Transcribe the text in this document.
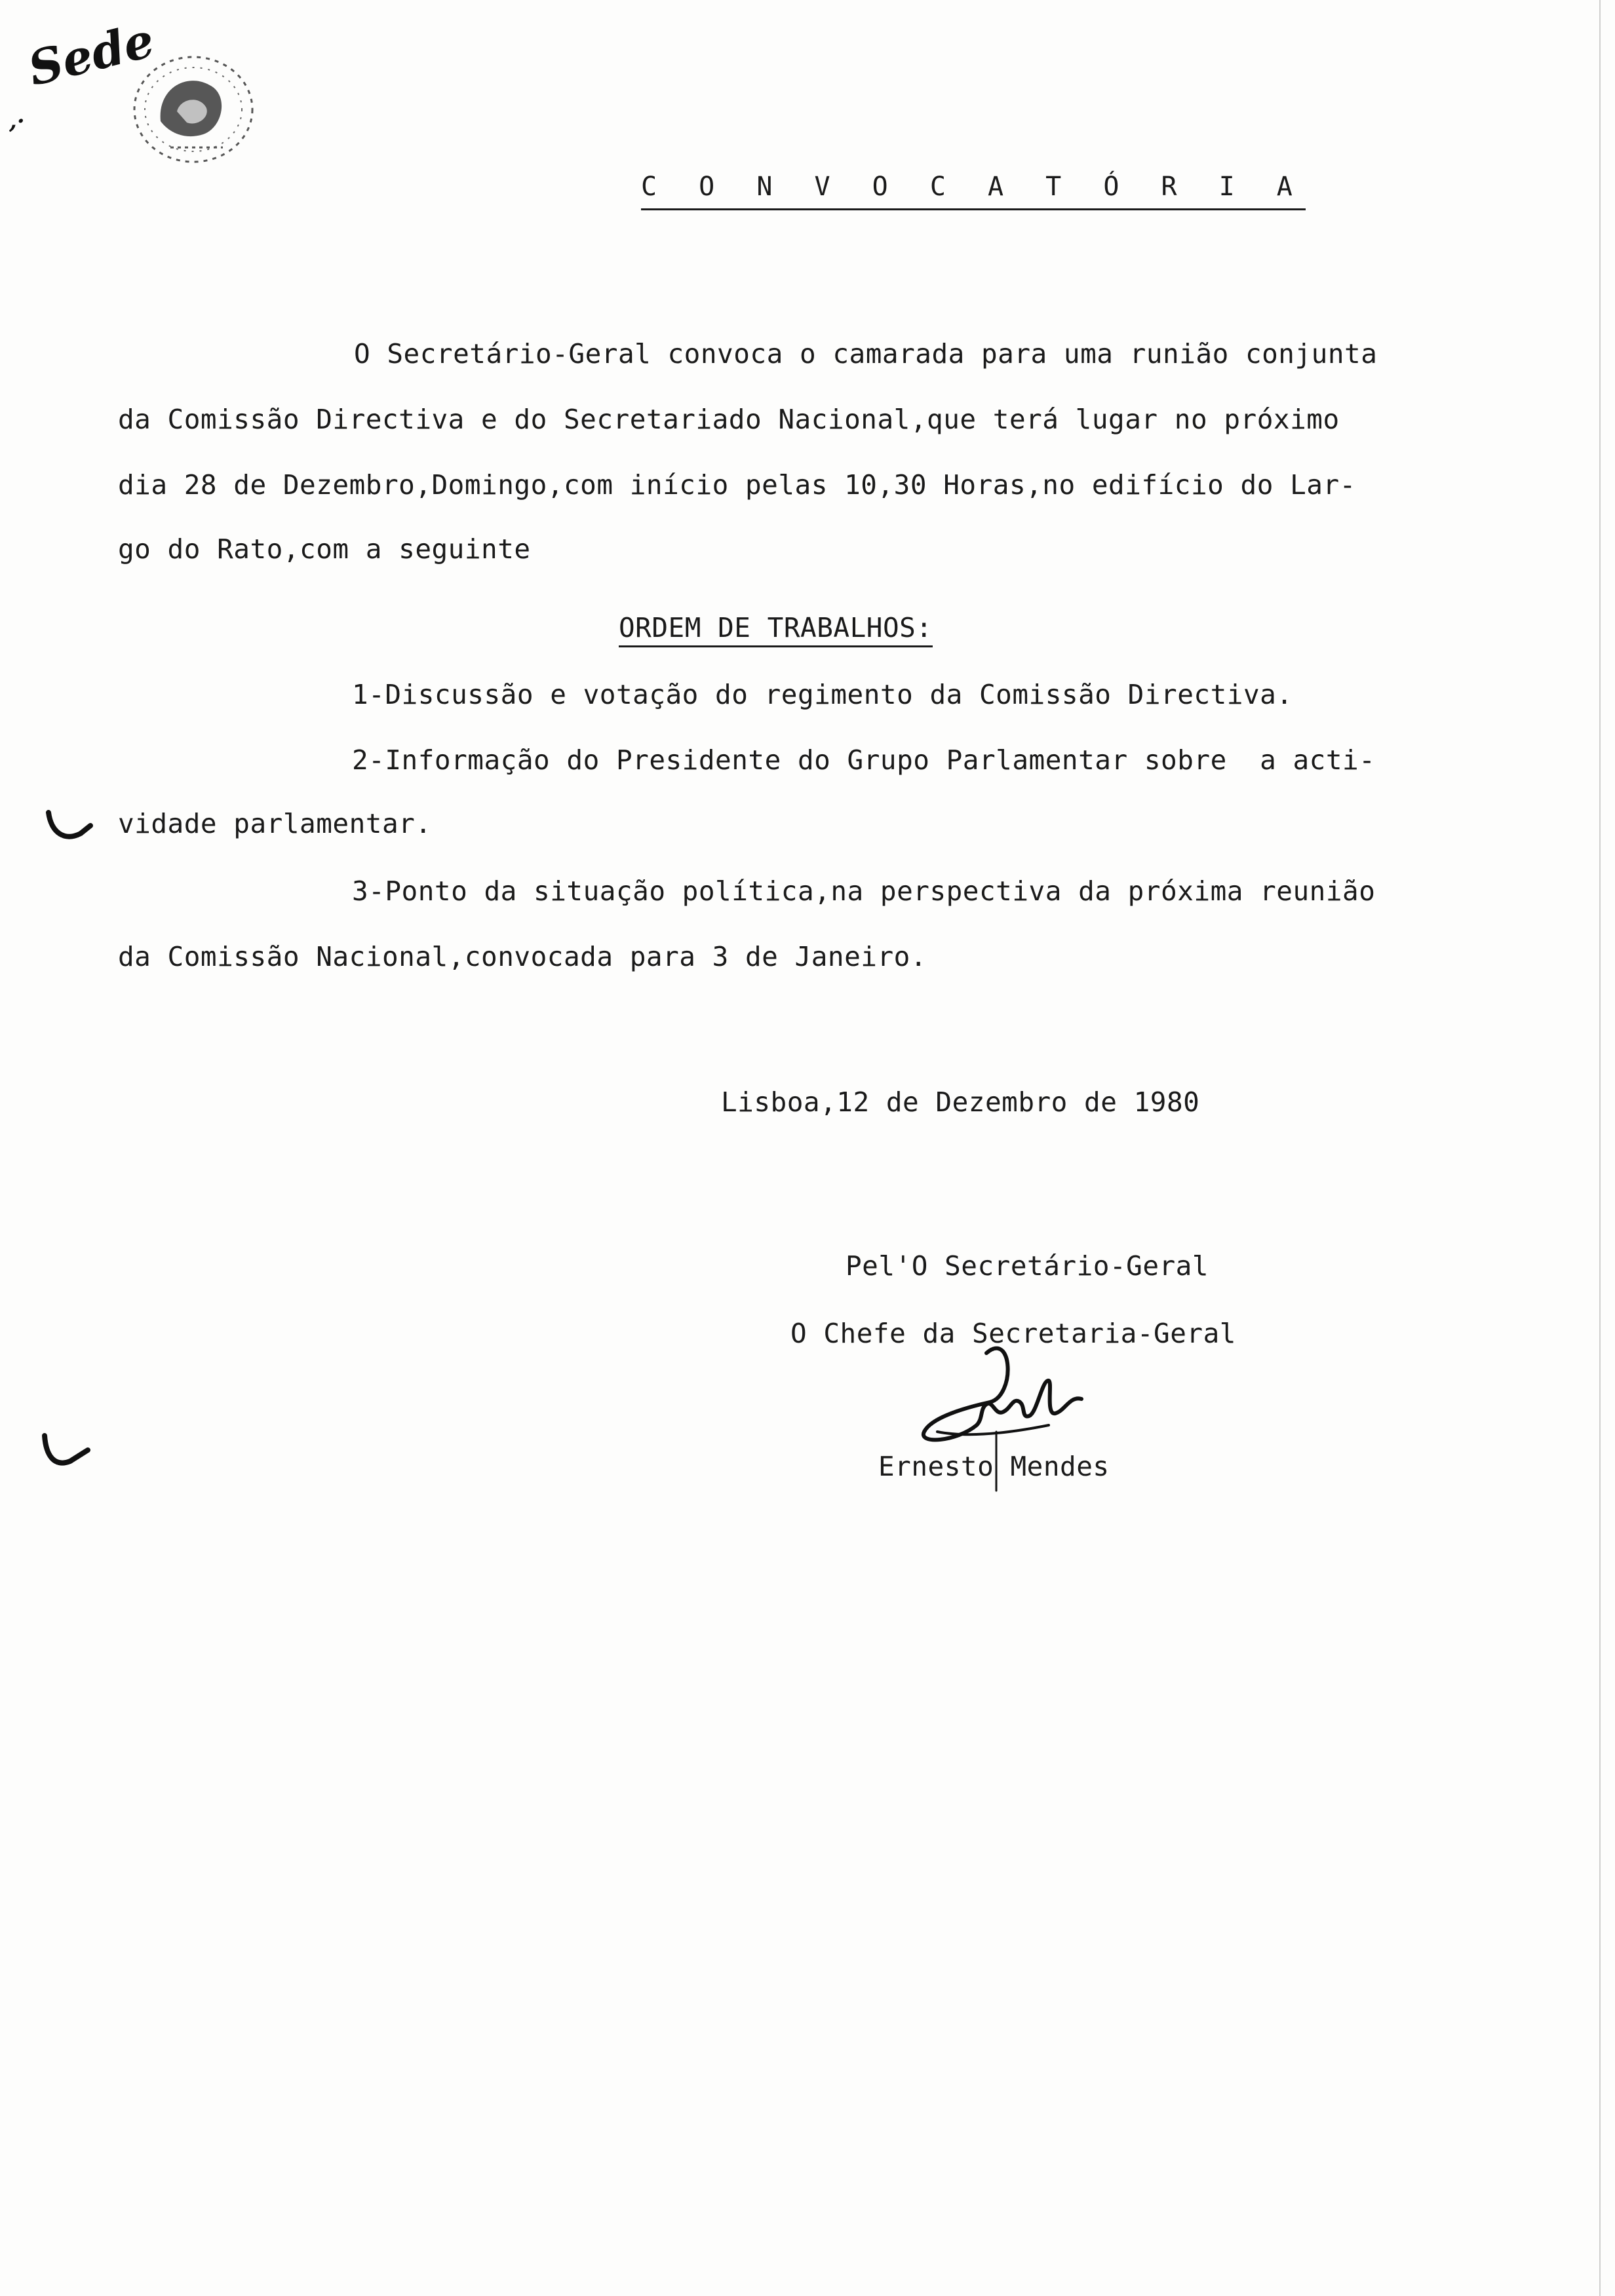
Sede
,·
C O N V O C A T Ó R I A
O Secretário-Geral convoca o camarada para uma runião conjunta
da Comissão Directiva e do Secretariado Nacional,que terá lugar no próximo
dia 28 de Dezembro,Domingo,com início pelas 10,30 Horas,no edifício do Lar-
go do Rato,com a seguinte
ORDEM DE TRABALHOS:
1-Discussão e votação do regimento da Comissão Directiva.
2-Informação do Presidente do Grupo Parlamentar sobre  a acti-
vidade parlamentar.
3-Ponto da situação política,na perspectiva da próxima reunião
da Comissão Nacional,convocada para 3 de Janeiro.
Lisboa,12 de Dezembro de 1980
Pel'O Secretário-Geral
O Chefe da Secretaria-Geral
Ernesto Mendes
